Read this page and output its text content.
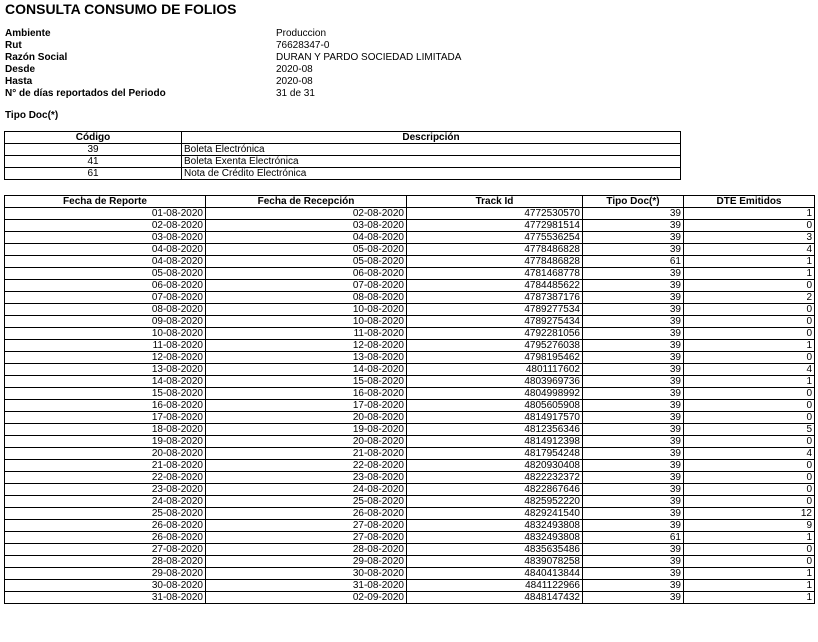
CONSULTA CONSUMO DE FOLIOS
Ambiente	Produccion
Rut	76628347-0
Razón Social	DURAN Y PARDO SOCIEDAD LIMITADA
Desde	2020-08
Hasta	2020-08
N° de días reportados del Periodo	31 de 31
Tipo Doc(*)
Código	Descripción
39	Boleta Electrónica
41	Boleta Exenta Electrónica
61	Nota de Crédito Electrónica
Fecha de Reporte	Fecha de Recepción	Track Id	Tipo Doc(*)	DTE Emitidos
01-08-2020	02-08-2020	4772530570	39	1
02-08-2020	03-08-2020	4772981514	39	0
03-08-2020	04-08-2020	4775536254	39	3
04-08-2020	05-08-2020	4778486828	39	4
04-08-2020	05-08-2020	4778486828	61	1
05-08-2020	06-08-2020	4781468778	39	1
06-08-2020	07-08-2020	4784485622	39	0
07-08-2020	08-08-2020	4787387176	39	2
08-08-2020	10-08-2020	4789277534	39	0
09-08-2020	10-08-2020	4789275434	39	0
10-08-2020	11-08-2020	4792281056	39	0
11-08-2020	12-08-2020	4795276038	39	1
12-08-2020	13-08-2020	4798195462	39	0
13-08-2020	14-08-2020	4801117602	39	4
14-08-2020	15-08-2020	4803969736	39	1
15-08-2020	16-08-2020	4804998992	39	0
16-08-2020	17-08-2020	4805605908	39	0
17-08-2020	20-08-2020	4814917570	39	0
18-08-2020	19-08-2020	4812356346	39	5
19-08-2020	20-08-2020	4814912398	39	0
20-08-2020	21-08-2020	4817954248	39	4
21-08-2020	22-08-2020	4820930408	39	0
22-08-2020	23-08-2020	4822232372	39	0
23-08-2020	24-08-2020	4822867646	39	0
24-08-2020	25-08-2020	4825952220	39	0
25-08-2020	26-08-2020	4829241540	39	12
26-08-2020	27-08-2020	4832493808	39	9
26-08-2020	27-08-2020	4832493808	61	1
27-08-2020	28-08-2020	4835635486	39	0
28-08-2020	29-08-2020	4839078258	39	0
29-08-2020	30-08-2020	4840413844	39	1
30-08-2020	31-08-2020	4841122966	39	1
31-08-2020	02-09-2020	4848147432	39	1
